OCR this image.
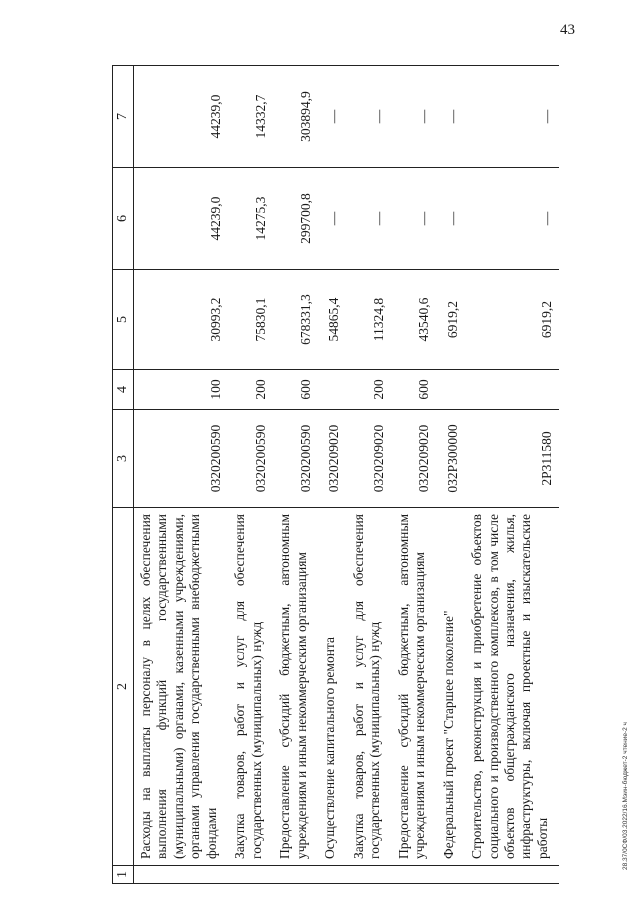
43
28.37/0СФ/03.2022/16.Мэин-бюджет-2 чтение-2 ч
1	2	3	4	5	6	7
	Расходы на выплаты персоналу в целях обеспечения выполнения функций государственными (муниципальными) органами, казенными учреждениями, органами управления государственными внебюджетными фондами	0320200590	100	30993,2	44239,0	44239,0
	Закупка товаров, работ и услуг для обеспечения государственных (муниципальных) нужд	0320200590	200	75830,1	14275,3	14332,7
	Предоставление субсидий бюджетным, автономным учреждениям и иным некоммерческим организациям	0320200590	600	678331,3	299700,8	303894,9
	Осуществление капитального ремонта	0320209020		54865,4	—	—
	Закупка товаров, работ и услуг для обеспечения государственных (муниципальных) нужд	0320209020	200	11324,8	—	—
	Предоставление субсидий бюджетным, автономным учреждениям и иным некоммерческим организациям	0320209020	600	43540,6	—	—
	Федеральный проект "Старшее поколение"	032P300000		6919,2	—	—
	Строительство, реконструкция и приобретение объектов социального и производственного комплексов, в том числе объектов общегражданского назначения, жилья, инфраструктуры, включая проектные и изыскательские работы	2P311580		6919,2	—	—
